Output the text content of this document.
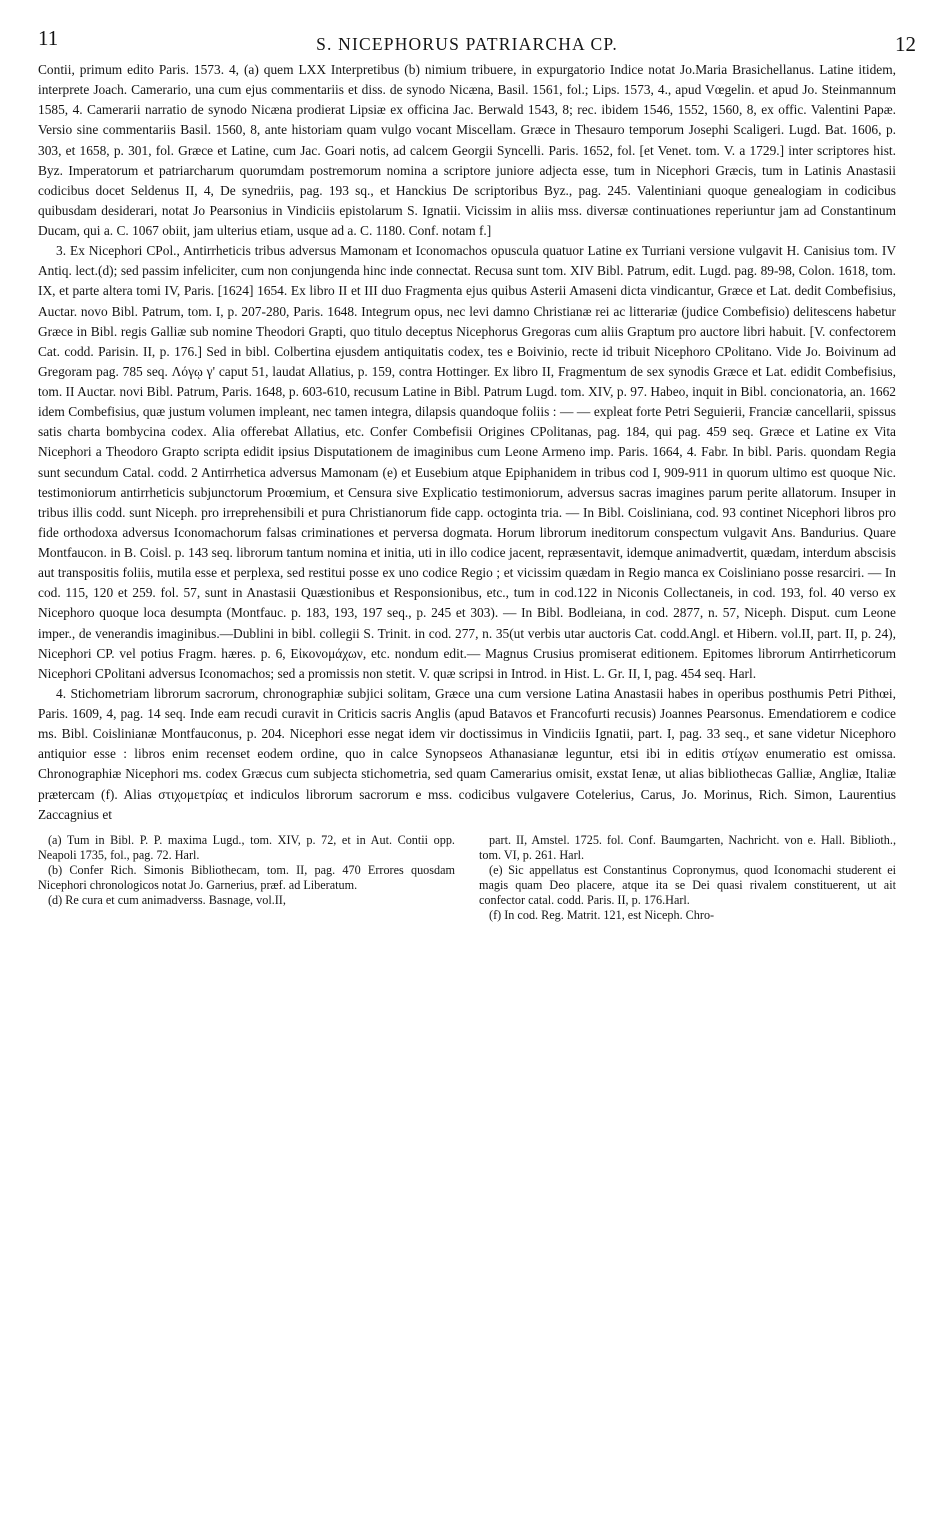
11	S. NICEPHORUS PATRIARCHA CP.	12

Contii, primum edito Paris. 1573. 4, (a) quem LXX Interpretibus (b) nimium tribuere, in expurgatorio Indice notat Jo.Maria Brasichellanus. Latine itidem, interprete Joach. Camerario, una cum ejus commentariis et diss. de synodo Nicæna, Basil. 1561, fol.; Lips. 1573, 4., apud Vœgelin. et apud Jo. Steinmannum 1585, 4. Camerarii narratio de synodo Nicæna prodierat Lipsiæ ex officina Jac. Berwald 1543, 8; rec. ibidem 1546, 1552, 1560, 8, ex offic. Valentini Papæ. Versio sine commentariis Basil. 1560, 8, ante historiam quam vulgo vocant Miscellam. Græce in Thesauro temporum Josephi Scaligeri. Lugd. Bat. 1606, p. 303, et 1658, p. 301, fol. Græce et Latine, cum Jac. Goari notis, ad calcem Georgii Syncelli. Paris. 1652, fol. [et Venet. tom. V. a 1729.] inter scriptores hist. Byz. Imperatorum et patriarcharum quorumdam postremorum nomina a scriptore juniore adjecta esse, tum in Nicephori Græcis, tum in Latinis Anastasii codicibus docet Seldenus II, 4, De synedriis, pag. 193 sq., et Hanckius De scriptoribus Byz., pag. 245. Valentiniani quoque genealogiam in codicibus quibusdam desiderari, notat Jo Pearsonius in Vindiciis epistolarum S. Ignatii. Vicissim in aliis mss. diversæ continuationes reperiuntur jam ad Constantinum Ducam, qui a. C. 1067 obiit, jam ulterius etiam, usque ad a. C. 1180. Conf. notam f.]

3. Ex Nicephori CPol., Antirrheticis tribus adversus Mamonam et Iconomachos opuscula quatuor Latine ex Turriani versione vulgavit H. Canisius tom. IV Antiq. lect.(d); sed passim infeliciter, cum non conjungenda hinc inde connectat. Recusa sunt tom. XIV Bibl. Patrum, edit. Lugd. pag. 89-98, Colon. 1618, tom. IX, et parte altera tomi IV, Paris. [1624] 1654. Ex libro II et III duo Fragmenta ejus quibus Asterii Amaseni dicta vindicantur, Græce et Lat. dedit Combefisius, Auctar. novo Bibl. Patrum, tom. I, p. 207-280, Paris. 1648. Integrum opus, nec levi damno Christianæ rei ac litterariæ (judice Combefisio) delitescens habetur Græce in Bibl. regis Galliæ sub nomine Theodori Grapti, quo titulo deceptus Nicephorus Gregoras cum aliis Graptum pro auctore libri habuit. [V. confectorem Cat. codd. Parisin. II, p. 176.] Sed in bibl. Colbertina ejusdem antiquitatis codex, tes e Boivinio, recte id tribuit Nicephoro CPolitano. Vide Jo. Boivinum ad Gregoram pag. 785 seq. Λόγῳ γ' caput 51, laudat Allatius, p. 159, contra Hottinger. Ex libro II, Fragmentum de sex synodis Græce et Lat. edidit Combefisius, tom. II Auctar. novi Bibl. Patrum, Paris. 1648, p. 603-610, recusum Latine in Bibl. Patrum Lugd. tom. XIV, p. 97. Habeo, inquit in Bibl. concionatoria, an. 1662 idem Combefisius, quæ justum volumen impleant, nec tamen integra, dilapsis quandoque foliis : — — expleat forte Petri Seguierii, Franciæ cancellarii, spissus satis charta bombycina codex. Alia offerebat Allatius, etc. Confer Combefisii Origines CPolitanas, pag. 184, qui pag. 459 seq. Græce et Latine ex Vita Nicephori a Theodoro Grapto scripta edidit ipsius Disputationem de imaginibus cum Leone Armeno imp. Paris. 1664, 4. Fabr. In bibl. Paris. quondam Regia sunt secundum Catal. codd. 2 Antirrhetica adversus Mamonam (e) et Eusebium atque Epiphanidem in tribus cod I, 909-911 in quorum ultimo est quoque Nic. testimoniorum antirrheticis subjunctorum Proœmium, et Censura sive Explicatio testimoniorum, adversus sacras imagines parum perite allatorum. Insuper in tribus illis codd. sunt Niceph. pro irreprehensibili et pura Christianorum fide capp. octoginta tria. — In Bibl. Coisliniana, cod. 93 continet Nicephori libros pro fide orthodoxa adversus Iconomachorum falsas criminationes et perversa dogmata. Horum librorum ineditorum conspectum vulgavit Ans. Bandurius. Quare Montfaucon. in B. Coisl. p. 143 seq. librorum tantum nomina et initia, uti in illo codice jacent, repræsentavit, idemque animadvertit, quædam, interdum abscisis aut transpositis foliis, mutila esse et perplexa, sed restitui posse ex uno codice Regio ; et vicissim quædam in Regio manca ex Coisliniano posse resarciri. — In cod. 115, 120 et 259. fol. 57, sunt in Anastasii Quæstionibus et Responsionibus, etc., tum in cod.122 in Niconis Collectaneis, in cod. 193, fol. 40 verso ex Nicephoro quoque loca desumpta (Montfauc. p. 183, 193, 197 seq., p. 245 et 303). — In Bibl. Bodleiana, in cod. 2877, n. 57, Niceph. Disput. cum Leone imper., de venerandis imaginibus.—Dublini in bibl. collegii S. Trinit. in cod. 277, n. 35(ut verbis utar auctoris Cat. codd.Angl. et Hibern. vol.II, part. II, p. 24), Nicephori CP. vel potius Fragm. hæres. p. 6, Εἰκονομάχων, etc. nondum edit.— Magnus Crusius promiserat editionem. Epitomes librorum Antirrheticorum Nicephori CPolitani adversus Iconomachos; sed a promissis non stetit. V. quæ scripsi in Introd. in Hist. L. Gr. II, I, pag. 454 seq. Harl.

4. Stichometriam librorum sacrorum, chronographiæ subjici solitam, Græce una cum versione Latina Anastasii habes in operibus posthumis Petri Pithœi, Paris. 1609, 4, pag. 14 seq. Inde eam recudi curavit in Criticis sacris Anglis (apud Batavos et Francofurti recusis) Joannes Pearsonus. Emendatiorem e codice ms. Bibl. Coislinianæ Montfauconus, p. 204. Nicephori esse negat idem vir doctissimus in Vindiciis Ignatii, part. I, pag. 33 seq., et sane videtur Nicephoro antiquior esse : libros enim recenset eodem ordine, quo in calce Synopseos Athanasianæ leguntur, etsi ibi in editis στίχων enumeratio est omissa. Chronographiæ Nicephori ms. codex Græcus cum subjecta stichometria, sed quam Camerarius omisit, exstat Ienæ, ut alias bibliothecas Galliæ, Angliæ, Italiæ prætercam (f). Alias στιχομετρίας et indiculos librorum sacrorum e mss. codicibus vulgavere Cotelerius, Carus, Jo. Morinus, Rich. Simon, Laurentius Zaccagnius et

(a) Tum in Bibl. P. P. maxima Lugd., tom. XIV, p. 72, et in Aut. Contii opp. Neapoli 1735, fol., pag. 72. Harl.

(b) Confer Rich. Simonis Bibliothecam, tom. II, pag. 470 Errores quosdam Nicephori chronologicos notat Jo. Garnerius, præf. ad Liberatum.

(d) Re cura et cum animadverss. Basnage, vol.II,

part. II, Amstel. 1725. fol. Conf. Baumgarten, Nachricht. von e. Hall. Biblioth., tom. VI, p. 261. Harl.

(e) Sic appellatus est Constantinus Copronymus, quod Iconomachi studerent ei magis quam Deo placere, atque ita se Dei quasi rivalem constituerent, ut ait confector catal. codd. Paris. II, p. 176.Harl.

(f) In cod. Reg. Matrit. 121, est Niceph. Chro-
